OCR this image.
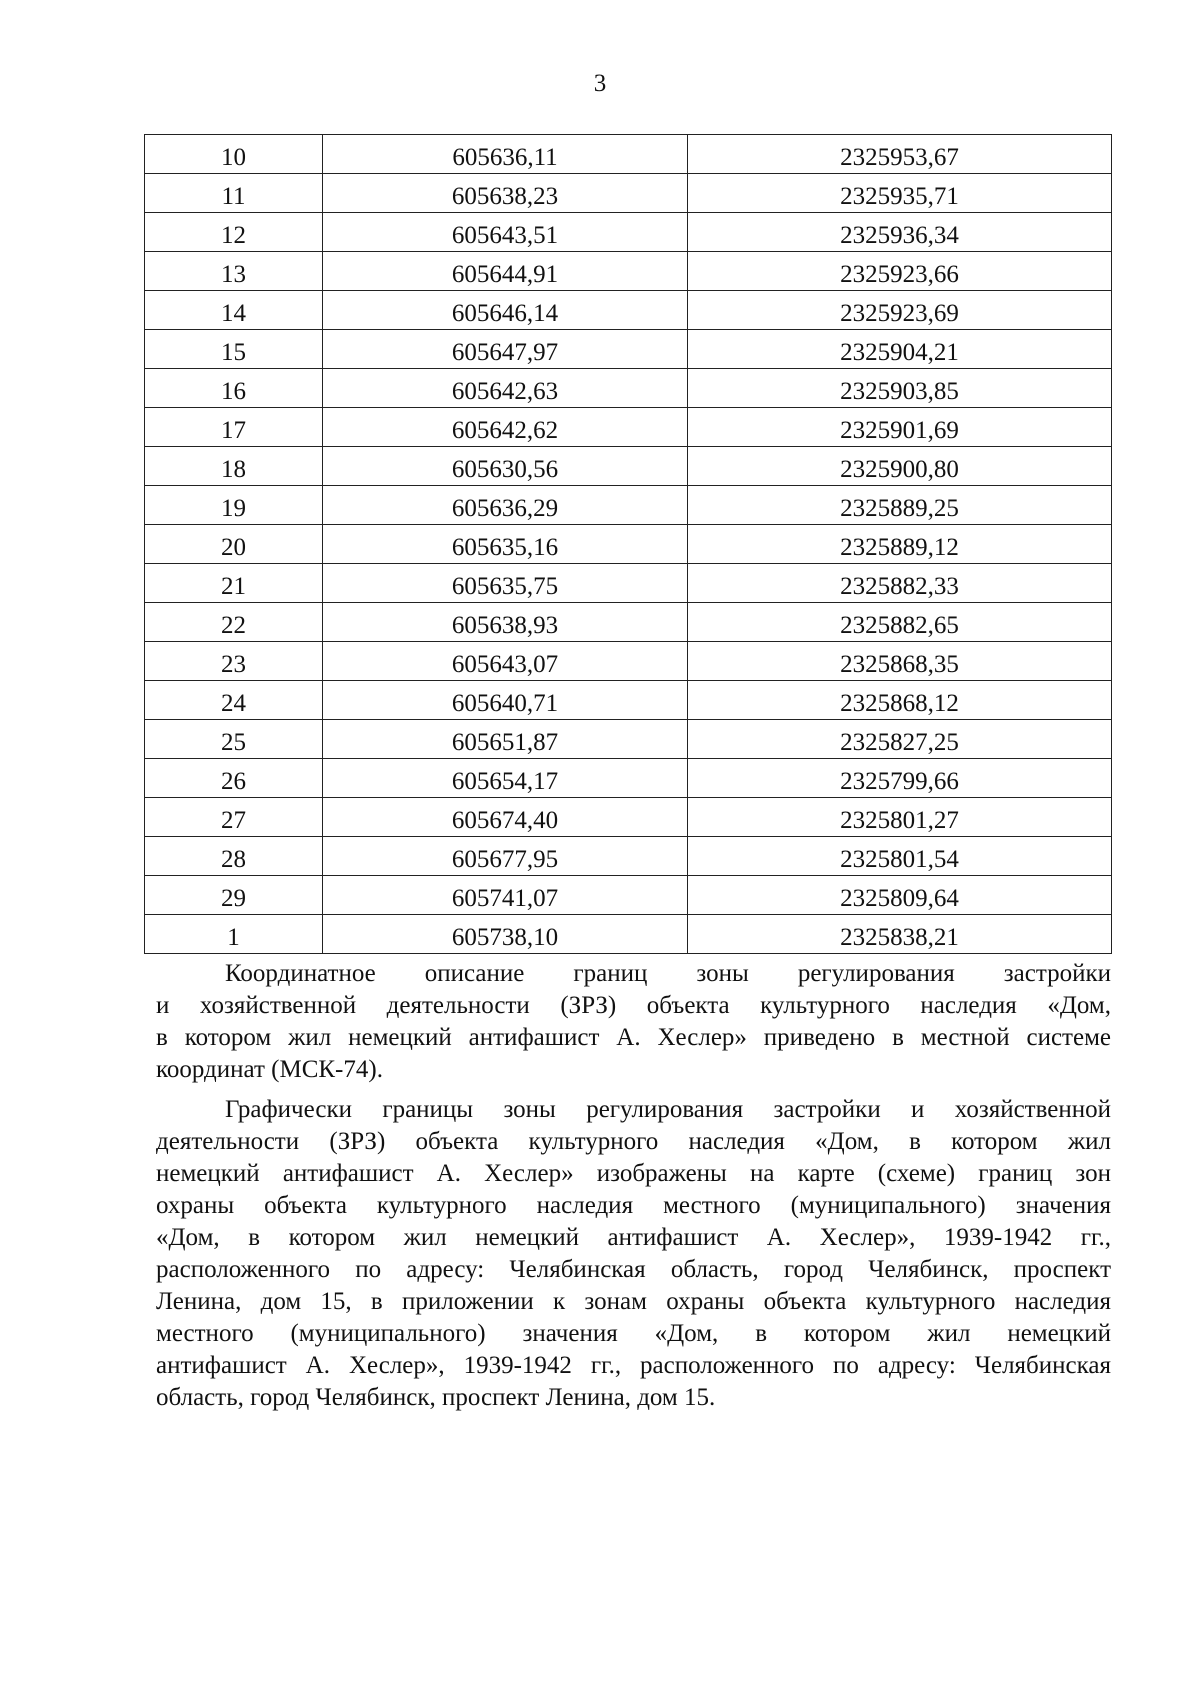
3
10	605636,11	2325953,67
11	605638,23	2325935,71
12	605643,51	2325936,34
13	605644,91	2325923,66
14	605646,14	2325923,69
15	605647,97	2325904,21
16	605642,63	2325903,85
17	605642,62	2325901,69
18	605630,56	2325900,80
19	605636,29	2325889,25
20	605635,16	2325889,12
21	605635,75	2325882,33
22	605638,93	2325882,65
23	605643,07	2325868,35
24	605640,71	2325868,12
25	605651,87	2325827,25
26	605654,17	2325799,66
27	605674,40	2325801,27
28	605677,95	2325801,54
29	605741,07	2325809,64
1	605738,10	2325838,21
Координатное описание границ зоны регулирования застройки
и хозяйственной деятельности (ЗРЗ) объекта культурного наследия «Дом,
в котором жил немецкий антифашист А. Хеслер» приведено в местной системе
координат (МСК-74).
Графически границы зоны регулирования застройки и хозяйственной
деятельности (ЗРЗ) объекта культурного наследия «Дом, в котором жил
немецкий антифашист А. Хеслер» изображены на карте (схеме) границ зон
охраны объекта культурного наследия местного (муниципального) значения
«Дом, в котором жил немецкий антифашист А. Хеслер», 1939-1942 гг.,
расположенного по адресу: Челябинская область, город Челябинск, проспект
Ленина, дом 15, в приложении к зонам охраны объекта культурного наследия
местного (муниципального) значения «Дом, в котором жил немецкий
антифашист А. Хеслер», 1939-1942 гг., расположенного по адресу: Челябинская
область, город Челябинск, проспект Ленина, дом 15.
